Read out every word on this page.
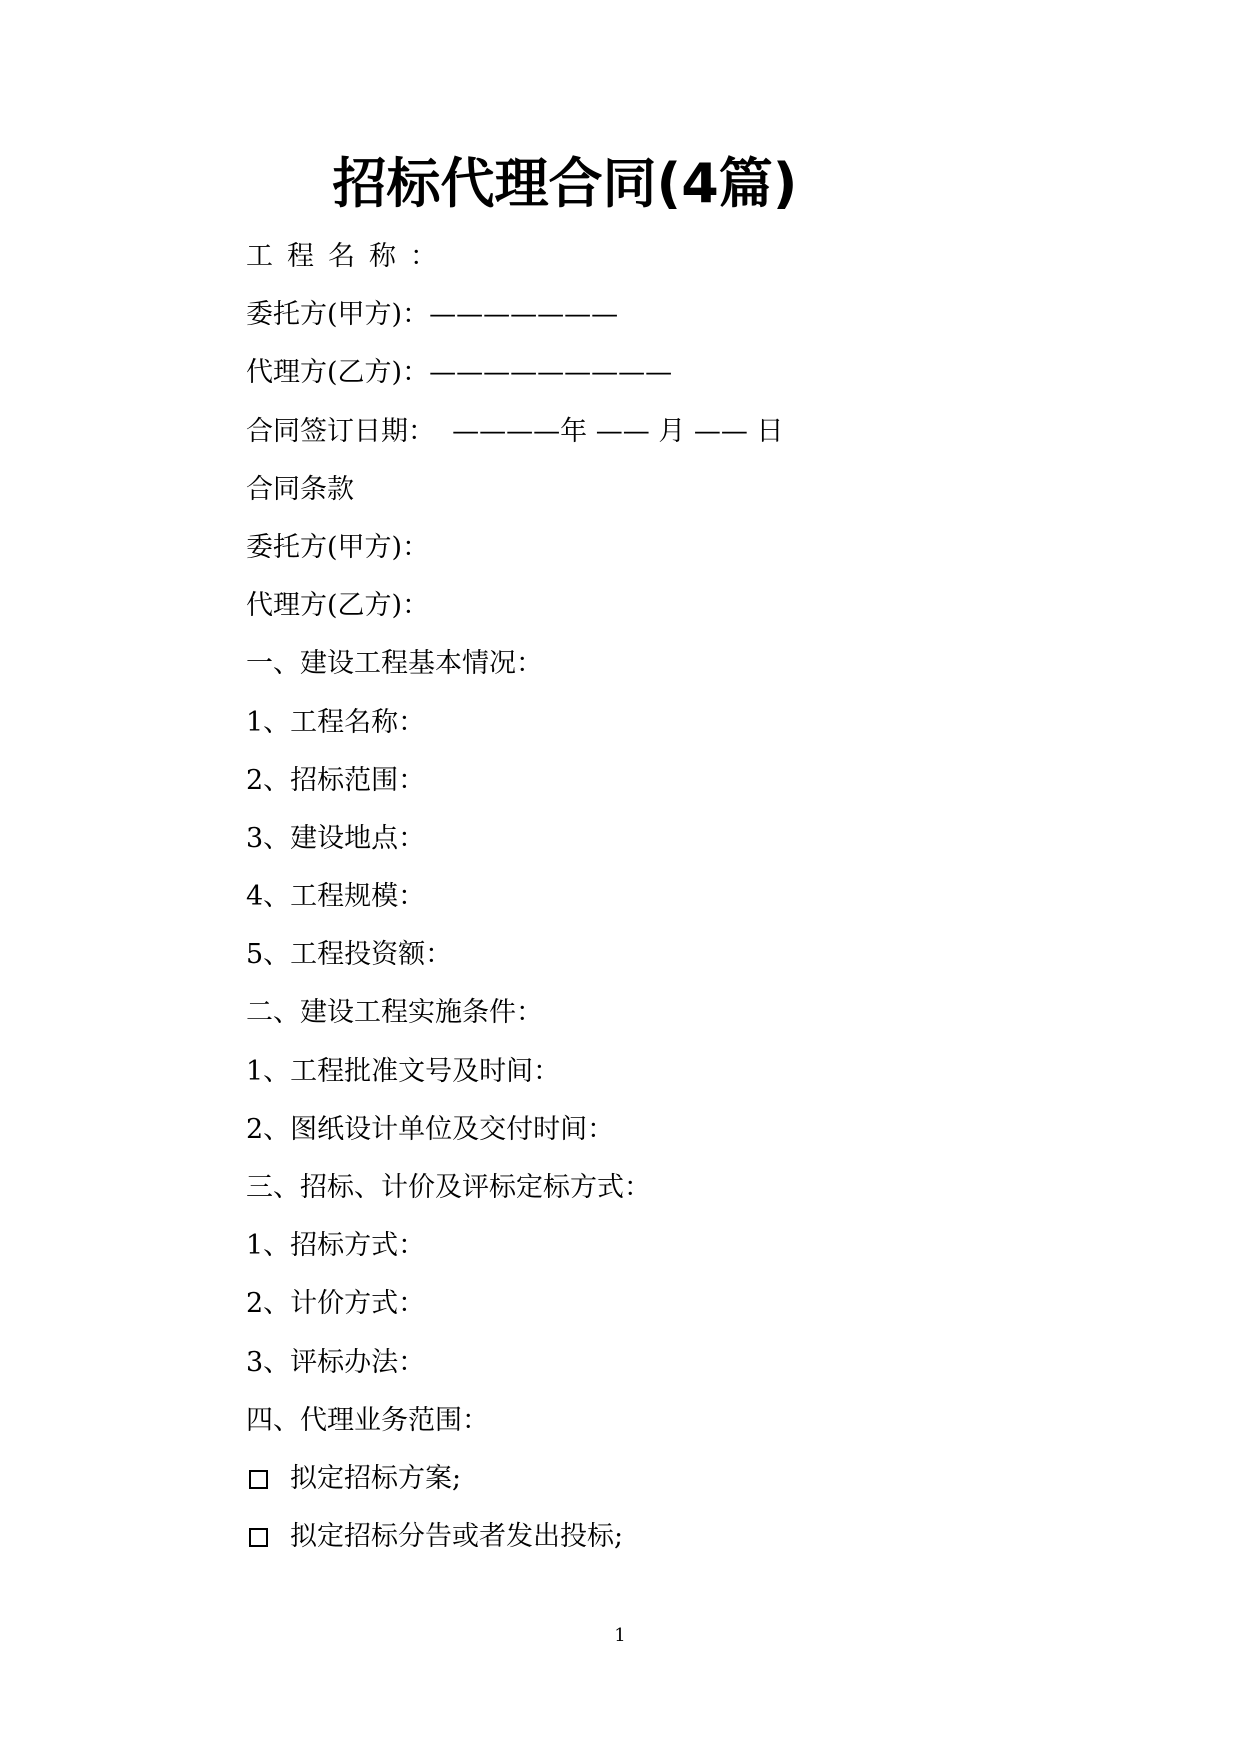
招标代理合同(4篇)
工程名称：
委托方(甲方)：———————
代理方(乙方)：—————————
合同签订日期：  ————年 —— 月 —— 日
合同条款
委托方(甲方)：
代理方(乙方)：
一、建设工程基本情况：
1、工程名称：
2、招标范围：
3、建设地点：
4、工程规模：
5、工程投资额：
二、建设工程实施条件：
1、工程批准文号及时间：
2、图纸设计单位及交付时间：
三、招标、计价及评标定标方式：
1、招标方式：
2、计价方式：
3、评标办法：
四、代理业务范围：
拟定招标方案;
拟定招标分告或者发出投标;
1
